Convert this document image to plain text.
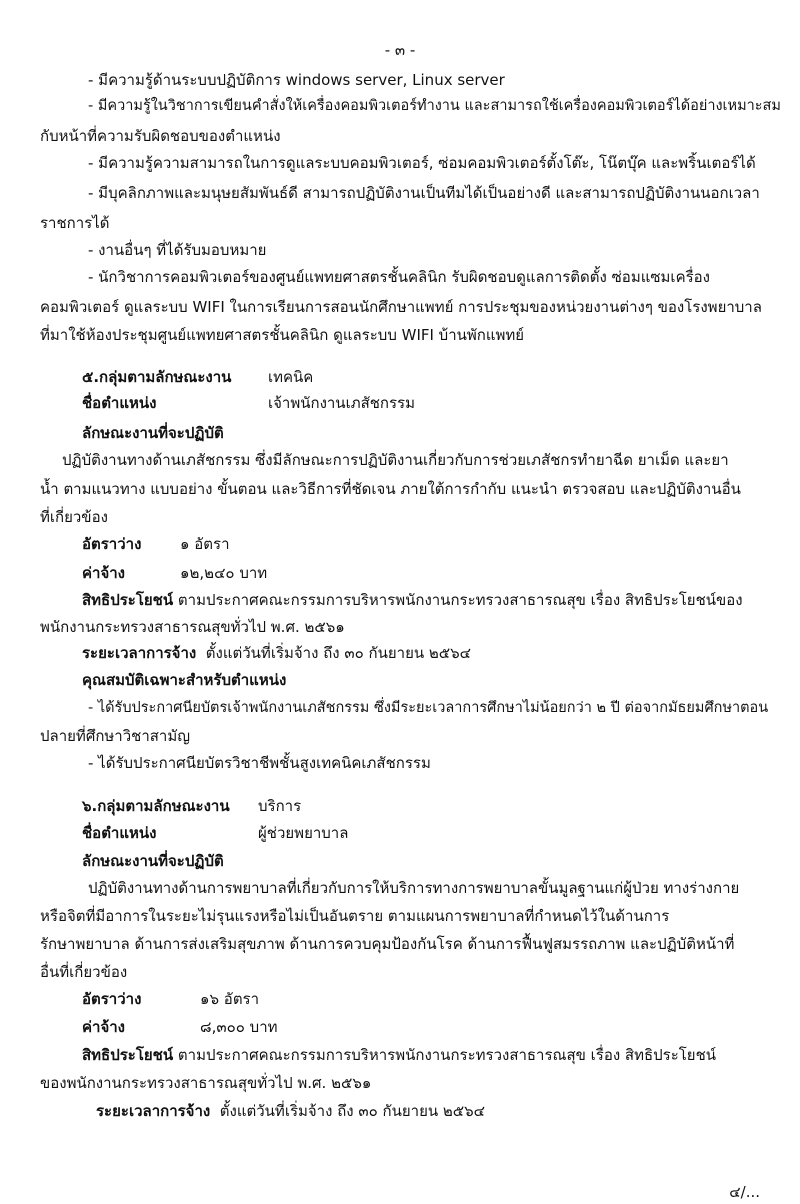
- ๓ -
- มีความรู้ด้านระบบปฏิบัติการ windows server, Linux server
- มีความรู้ในวิชาการเขียนคำสั่งให้เครื่องคอมพิวเตอร์ทำงาน และสามารถใช้เครื่องคอมพิวเตอร์ได้อย่างเหมาะสม
กับหน้าที่ความรับผิดชอบของตำแหน่ง
- มีความรู้ความสามารถในการดูแลระบบคอมพิวเตอร์, ซ่อมคอมพิวเตอร์ตั้งโต๊ะ, โน๊ตบุ๊ค และพริ้นเตอร์ได้
- มีบุคลิกภาพและมนุษยสัมพันธ์ดี สามารถปฏิบัติงานเป็นทีมได้เป็นอย่างดี และสามารถปฏิบัติงานนอกเวลา
ราชการได้
- งานอื่นๆ ที่ได้รับมอบหมาย
- นักวิชาการคอมพิวเตอร์ของศูนย์แพทยศาสตรชั้นคลินิก รับผิดชอบดูแลการติดตั้ง ซ่อมแซมเครื่อง
คอมพิวเตอร์ ดูแลระบบ WIFI ในการเรียนการสอนนักศึกษาแพทย์ การประชุมของหน่วยงานต่างๆ ของโรงพยาบาล
ที่มาใช้ห้องประชุมศูนย์แพทยศาสตรชั้นคลินิก ดูแลระบบ WIFI บ้านพักแพทย์
๕.กลุ่มตามลักษณะงาน เทคนิค
ชื่อตำแหน่ง	เจ้าพนักงานเภสัชกรรม
ลักษณะงานที่จะปฏิบัติ
ปฏิบัติงานทางด้านเภสัชกรรม ซึ่งมีลักษณะการปฏิบัติงานเกี่ยวกับการช่วยเภสัชกรทำยาฉีด ยาเม็ด และยา
น้ำ ตามแนวทาง แบบอย่าง ขั้นตอน และวิธีการที่ชัดเจน ภายใต้การกำกับ แนะนำ ตรวจสอบ และปฏิบัติงานอื่น
ที่เกี่ยวข้อง
อัตราว่าง	๑ อัตรา
ค่าจ้าง	๑๒,๒๔๐ บาท
สิทธิประโยชน์ ตามประกาศคณะกรรมการบริหารพนักงานกระทรวงสาธารณสุข เรื่อง สิทธิประโยชน์ของ
พนักงานกระทรวงสาธารณสุขทั่วไป พ.ศ. ๒๕๖๑
ระยะเวลาการจ้าง ตั้งแต่วันที่เริ่มจ้าง ถึง ๓๐ กันยายน ๒๕๖๔
คุณสมบัติเฉพาะสำหรับตำแหน่ง
- ได้รับประกาศนียบัตรเจ้าพนักงานเภสัชกรรม ซึ่งมีระยะเวลาการศึกษาไม่น้อยกว่า ๒ ปี ต่อจากมัธยมศึกษาตอน
ปลายที่ศึกษาวิชาสามัญ
- ได้รับประกาศนียบัตรวิชาชีพชั้นสูงเทคนิคเภสัชกรรม
๖.กลุ่มตามลักษณะงาน บริการ
ชื่อตำแหน่ง	ผู้ช่วยพยาบาล
ลักษณะงานที่จะปฏิบัติ
ปฏิบัติงานทางด้านการพยาบาลที่เกี่ยวกับการให้บริการทางการพยาบาลขั้นมูลฐานแก่ผู้ป่วย ทางร่างกาย
หรือจิตที่มีอาการในระยะไม่รุนแรงหรือไม่เป็นอันตราย ตามแผนการพยาบาลที่กำหนดไว้ในด้านการ
รักษาพยาบาล ด้านการส่งเสริมสุขภาพ ด้านการควบคุมป้องกันโรค ด้านการฟื้นฟูสมรรถภาพ และปฏิบัติหน้าที่
อื่นที่เกี่ยวข้อง
อัตราว่าง	๑๖ อัตรา
ค่าจ้าง	๘,๓๐๐ บาท
สิทธิประโยชน์ ตามประกาศคณะกรรมการบริหารพนักงานกระทรวงสาธารณสุข เรื่อง สิทธิประโยชน์
ของพนักงานกระทรวงสาธารณสุขทั่วไป พ.ศ. ๒๕๖๑
ระยะเวลาการจ้าง ตั้งแต่วันที่เริ่มจ้าง ถึง ๓๐ กันยายน ๒๕๖๔
๔/...
